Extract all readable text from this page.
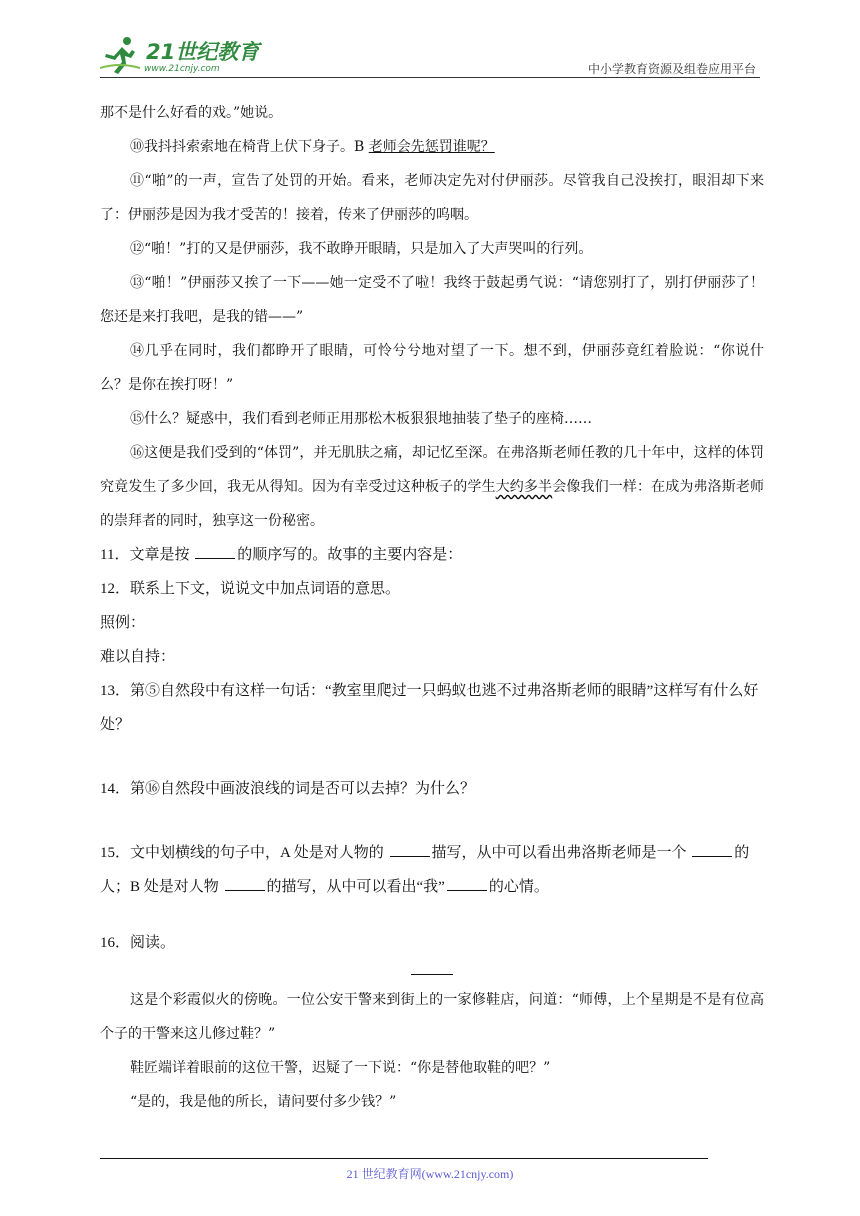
21世纪教育
www.21cnjy.com	中小学教育资源及组卷应用平台

那不是什么好看的戏。”她说。

⑩我抖抖索索地在椅背上伏下身子。B 老师会先惩罚谁呢？

⑪“啪”的一声，宣告了处罚的开始。看来，老师决定先对付伊丽莎。尽管我自己没挨打，眼泪却下来了：伊丽莎是因为我才受苦的！接着，传来了伊丽莎的呜咽。

⑫“啪！”打的又是伊丽莎，我不敢睁开眼睛，只是加入了大声哭叫的行列。

⑬“啪！”伊丽莎又挨了一下——她一定受不了啦！我终于鼓起勇气说：“请您别打了，别打伊丽莎了！您还是来打我吧，是我的错——”

⑭几乎在同时，我们都睁开了眼睛，可怜兮兮地对望了一下。想不到，伊丽莎竟红着脸说：“你说什么？是你在挨打呀！”

⑮什么？疑惑中，我们看到老师正用那松木板狠狠地抽装了垫子的座椅……

⑯这便是我们受到的“体罚”，并无肌肤之痛，却记忆至深。在弗洛斯老师任教的几十年中，这样的体罚究竟发生了多少回，我无从得知。因为有幸受过这种板子的学生大约多半会像我们一样：在成为弗洛斯老师的崇拜者的同时，独享这一份秘密。

11．文章是按	的顺序写的。故事的主要内容是：

12．联系上下文，说说文中加点词语的意思。

照例：

难以自持：

13．第⑤自然段中有这样一句话：“教室里爬过一只蚂蚁也逃不过弗洛斯老师的眼睛”这样写有什么好处？

14．第⑯自然段中画波浪线的词是否可以去掉？为什么？

15．文中划横线的句子中，A 处是对人物的	描写，从中可以看出弗洛斯老师是一个	的人；B 处是对人物	的描写，从中可以看出“我”	的心情。

16．阅读。

这是个彩霞似火的傍晚。一位公安干警来到街上的一家修鞋店，问道：“师傅，上个星期是不是有位高个子的干警来这儿修过鞋？”

鞋匠端详着眼前的这位干警，迟疑了一下说：“你是替他取鞋的吧？”

“是的，我是他的所长，请问要付多少钱？”

21 世纪教育网(www.21cnjy.com)
